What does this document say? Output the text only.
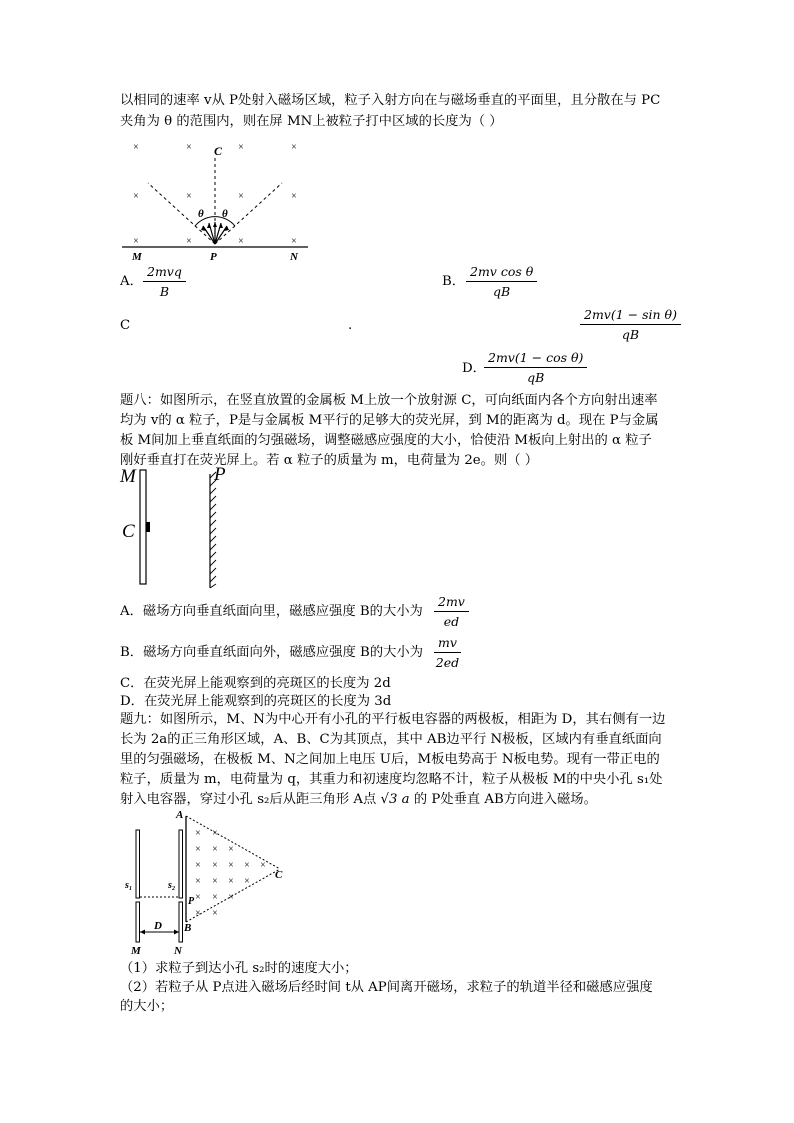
以相同的速率 v从 P处射入磁场区域，粒子入射方向在与磁场垂直的平面里，且分散在与 PC
夹角为 θ 的范围内，则在屏 MN上被粒子打中区域的长度为（ ）
×	×	×	×
×	×	×	×
×	×	×	×
C
θ θ
M	P	N
A．
2mvq
B
B． $\frac{\text{2mv cos θ}}{qB}$
C	.	$\frac{\text{2mv(1 − sin θ)}}{qB}$
D．
$\frac{\text{2mv(1 − cos θ)}}{qB}$
题八：如图所示，在竖直放置的金属板 M上放一个放射源 C，可向纸面内各个方向射出速率
均为 v的 α 粒子，P是与金属板 M平行的足够大的荧光屏，到 M的距离为 d。现在 P与金属
板 M间加上垂直纸面的匀强磁场，调整磁感应强度的大小，恰使沿 M板向上射出的 α 粒子
刚好垂直打在荧光屏上。若 α 粒子的质量为 m，电荷量为 2e。则（ ）
M	P
C
A．磁场方向垂直纸面向里，磁感应强度 B的大小为 $\frac{2mv}{ed}$
B．磁场方向垂直纸面向外，磁感应强度 B的大小为 $\frac{mv}{2ed}$
C．在荧光屏上能观察到的亮斑区的长度为 2d
D．在荧光屏上能观察到的亮斑区的长度为 3d
题九：如图所示，M、N为中心开有小孔的平行板电容器的两极板，相距为 D，其右侧有一边
长为 2a的正三角形区域，A、B、C为其顶点，其中 AB边平行 N极板，区域内有垂直纸面向
里的匀强磁场，在极板 M、N之间加上电压 U后，M板电势高于 N板电势。现有一带正电的
粒子，质量为 m，电荷量为 q，其重力和初速度均忽略不计，粒子从极板 M的中央小孔 s₁处
射入电容器，穿过小孔 s₂后从距三角形 A点 √3 a 的 P处垂直 AB方向进入磁场。
s₁	s₂
A
B
C
P
× ×
× × ×
× × × × ×
× × × ×
× × ×
× ×
D
M	N
（1）求粒子到达小孔 s₂时的速度大小；
（2）若粒子从 P点进入磁场后经时间 t从 AP间离开磁场，求粒子的轨道半径和磁感应强度
的大小；
